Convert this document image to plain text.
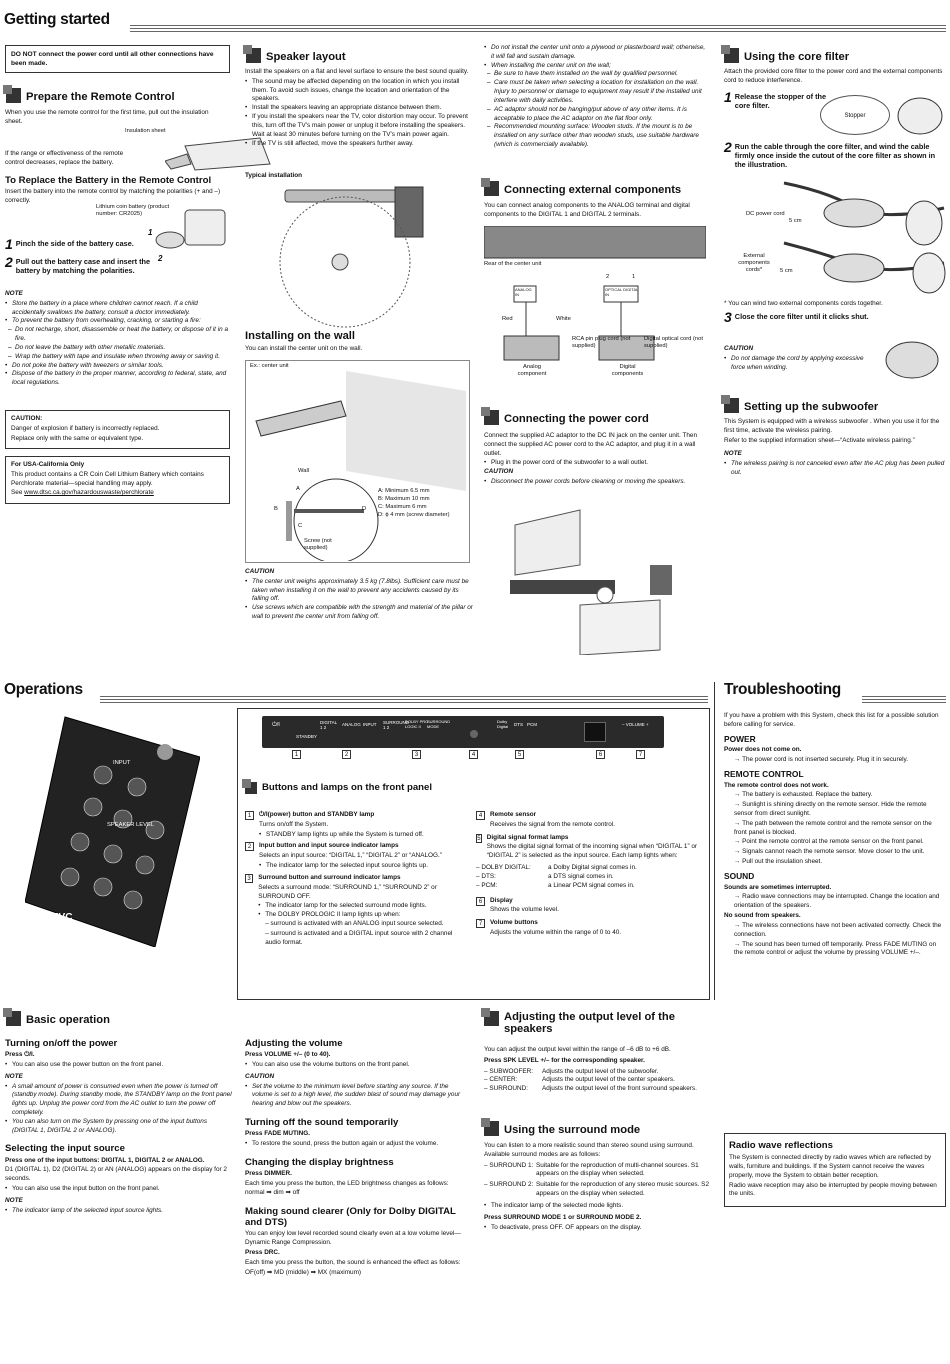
Getting started
DO NOT connect the power cord until all other connections have been made.
Prepare the Remote Control
When you use the remote control for the first time, pull out the insulation sheet.
Insulation sheet
If the range or effectiveness of the remote control decreases, replace the battery.
To Replace the Battery in the Remote Control
Insert the battery into the remote control by matching the polarities (+ and –) correctly.
Lithium coin battery (product number: CR2025)
1
2
1 Pinch the side of the battery case.
2 Pull out the battery case and insert the battery by matching the polarities.

NOTE

• Store the battery in a place where children cannot reach. If a child accidentally swallows the battery, consult a doctor immediately.
• To prevent the battery from overheating, cracking, or starting a fire:
– Do not recharge, short, disassemble or heat the battery, or dispose of it in a fire.
– Do not leave the battery with other metallic materials.
– Wrap the battery with tape and insulate when throwing away or saving it.
• Do not poke the battery with tweezers or similar tools.
• Dispose of the battery in the proper manner, according to federal, state, and local regulations.

CAUTION:

Danger of explosion if battery is incorrectly replaced.

Replace only with the same or equivalent type.

For USA-California Only

This product contains a CR Coin Cell Lithium Battery which contains Perchlorate material—special handling may apply.

See www.dtsc.ca.gov/hazardouswaste/perchlorate

Speaker layout

Install the speakers on a flat and level surface to ensure the best sound quality.

• The sound may be affected depending on the location in which you install them. To avoid such issues, change the location and orientation of the speakers.
• Install the speakers leaving an appropriate distance between them.
• If you install the speakers near the TV, color distortion may occur. To prevent this, turn off the TV's main power or unplug it before installing the speakers. Wait at least 30 minutes before turning on the TV's main power again.
• If the TV is still affected, move the speakers further away.
Typical installation
Installing on the wall
You can install the center unit on the wall.
Ex.: center unit
Wall
A
B
C
D
Screw (not supplied)

A: Minimum 6.5 mm

B: Maximum 10 mm

C: Maximum 6 mm

D: ϕ 4 mm (screw diameter)

CAUTION

• The center unit weighs approximately 3.5 kg (7.8lbs). Sufficient care must be taken when installing it on the wall to prevent any accidents caused by its falling off.
• Use screws which are compatible with the strength and material of the pillar or wall to prevent the center unit from falling off.
• Do not install the center unit onto a plywood or plasterboard wall; otherwise, it will fall and sustain damage.
• When installing the center unit on the wall;
– Be sure to have them installed on the wall by qualified personnel.
– Care must be taken when selecting a location for installation on the wall. Injury to personnel or damage to equipment may result if the installed unit interfere with daily activities.
– AC adaptor should not be hanging/put above of any other items. It is acceptable to place the AC adaptor on the flat floor only.
– Recommended mounting surface: Wooden studs. If the mount is to be installed on any surface other than wooden studs, use suitable hardware (which is commercially available).
Connecting external components
You can connect analog components to the ANALOG terminal and digital components to the DIGITAL 1 and DIGITAL 2 terminals.
Rear of the center unit
ANALOG IN
OPTICAL DIGITAL IN
2	1
Red	White
RCA pin plug cord (not supplied)
Digital optical cord (not supplied)
Analog component
Digital components
Connecting the power cord

Connect the supplied AC adaptor to the DC IN jack on the center unit. Then connect the supplied AC power cord to the AC adaptor, and plug it in a wall outlet.

• Plug in the power cord of the subwoofer to a wall outlet.

CAUTION

• Disconnect the power cords before cleaning or moving the speakers.
Using the core filter
Attach the provided core filter to the power cord and the external components cord to reduce interference.
1 Release the stopper of the core filter.
Stopper
2 Run the cable through the core filter, and wind the cable firmly once inside the cutout of the core filter as shown in the illustration.
DC power cord
5 cm
External components cords*	5 cm
* You can wind two external components cords together.
3 Close the core filter until it clicks shut.

CAUTION

• Do not damage the cord by applying excessive force when winding.
Setting up the subwoofer

This System is equipped with a wireless subwoofer . When you use it for the first time, activate the wireless pairing.

Refer to the supplied information sheet—“Activate wireless pairing.”

NOTE

• The wireless pairing is not canceled even after the AC plug has been pulled out.
Operations
INPUT
SPEAKER LEVEL
JVC
RM-STHBA1A
⏻/I
STANDBY
DIGITAL 1 2
ANALOG INPUT SURROUND 1 2
DOLBY PRO LOGIC II
SURROUND MODE
Dolby Digital	DTS PCM	– VOLUME +
1	2	3	4	5	6	7
Buttons and lamps on the front panel
1	⏻/I(power) button and STANDBY lamp

Turns on/off the System.

• STANDBY lamp lights up while the System is turned off.
2	Input button and input source indicator lamps

Selects an input source: “DIGITAL 1,” “DIGITAL 2” or “ANALOG.”

• The indicator lamp for the selected input source lights up.
3	Surround button and surround indicator lamps

Selects a surround mode: “SURROUND 1,” “SURROUND 2” or SURROUND OFF.

• The indicator lamp for the selected surround mode lights.
• The DOLBY PROLOGIC II lamp lights up when:

– surround is activated with an ANALOG input source selected.

– surround is activated and a DIGITAL input source with 2 channel audio format.

4	Remote sensor

Receives the signal from the remote control.

5 Digital signal format lamps

Shows the digital signal format of the incoming signal when “DIGITAL 1” or “DIGITAL 2” is selected as the input source. Each lamp lights when:

– DOLBY DIGITAL:	a Dolby Digital signal comes in.
– DTS:	a DTS signal comes in.
– PCM:	a Linear PCM signal comes in.
6	Display

Shows the volume level.

7	Volume buttons

Adjusts the volume within the range of 0 to 40.

Troubleshooting

If you have a problem with this System, check this list for a possible solution before calling for service.

POWER

Power does not come on.

→ The power cord is not inserted securely. Plug it in securely.

REMOTE CONTROL

The remote control does not work.

→ The battery is exhausted. Replace the battery.

→ Sunlight is shining directly on the remote sensor. Hide the remote sensor from direct sunlight.

→ The path between the remote control and the remote sensor on the front panel is blocked.

→ Point the remote control at the remote sensor on the front panel.

→ Signals cannot reach the remote sensor. Move closer to the unit.

→ Pull out the insulation sheet.

SOUND

Sounds are sometimes interrupted.

→ Radio wave connections may be interrupted. Change the location and orientation of the speakers.

No sound from speakers.

→ The wireless connections have not been activated correctly. Check the connection.

→ The sound has been turned off temporarily. Press FADE MUTING on the remote control or adjust the volume by pressing VOLUME +/–.

Basic operation

Turning on/off the power

Press ⏻/I.

• You can also use the power button on the front panel.

NOTE

• A small amount of power is consumed even when the power is turned off (standby mode). During standby mode, the STANDBY lamp on the front panel lights up. Unplug the power cord from the AC outlet to turn the power off completely.
• You can also turn on the System by pressing one of the input buttons (DIGITAL 1, DIGITAL 2 or ANALOG).

Selecting the input source

Press one of the input buttons: DIGITAL 1, DIGITAL 2 or ANALOG.

D1 (DIGITAL 1), D2 (DIGITAL 2) or AN (ANALOG) appears on the display for 2 seconds.

• You can also use the input button on the front panel.

NOTE

• The indicator lamp of the selected input source lights.

Adjusting the volume

Press VOLUME +/– (0 to 40).

• You can also use the volume buttons on the front panel.

CAUTION

• Set the volume to the minimum level before starting any source. If the volume is set to a high level, the sudden blast of sound may damage your hearing and blow out the speakers.

Turning off the sound temporarily

Press FADE MUTING.

• To restore the sound, press the button again or adjust the volume.

Changing the display brightness

Press DIMMER.

Each time you press the button, the LED brightness changes as follows:

normal ➡ dim ➡ off

Making sound clearer (Only for Dolby DIGITAL and DTS)

You can enjoy low level recorded sound clearly even at a low volume level—Dynamic Range Compression.

Press DRC.

Each time you press the button, the sound is enhanced the effect as follows:

OF(off) ➡ MD (middle) ➡ MX (maximum)

Adjusting the output level of the speakers

You can adjust the output level within the range of –6 dB to +6 dB.

Press SPK LEVEL +/– for the corresponding speaker.

– SUBWOOFER:	Adjusts the output level of the subwoofer.
– CENTER:	Adjusts the output level of the center speakers.
– SURROUND:	Adjusts the output level of the front surround speakers.
Using the surround mode

You can listen to a more realistic sound than stereo sound using surround. Available surround modes are as follows:

– SURROUND 1: Suitable for the reproduction of multi-channel sources. S1 appears on the display when selected.
– SURROUND 2: Suitable for the reproduction of any stereo music sources. S2 appears on the display when selected.
• The indicator lamp of the selected mode lights.

Press SURROUND MODE 1 or SURROUND MODE 2.

• To deactivate, press OFF. OF appears on the display.

Radio wave reflections

The System is connected directly by radio waves which are reflected by walls, furniture and buildings. If the System cannot receive the waves properly, move the System to obtain better reception.

Radio wave reception may also be interrupted by people moving between the units.
